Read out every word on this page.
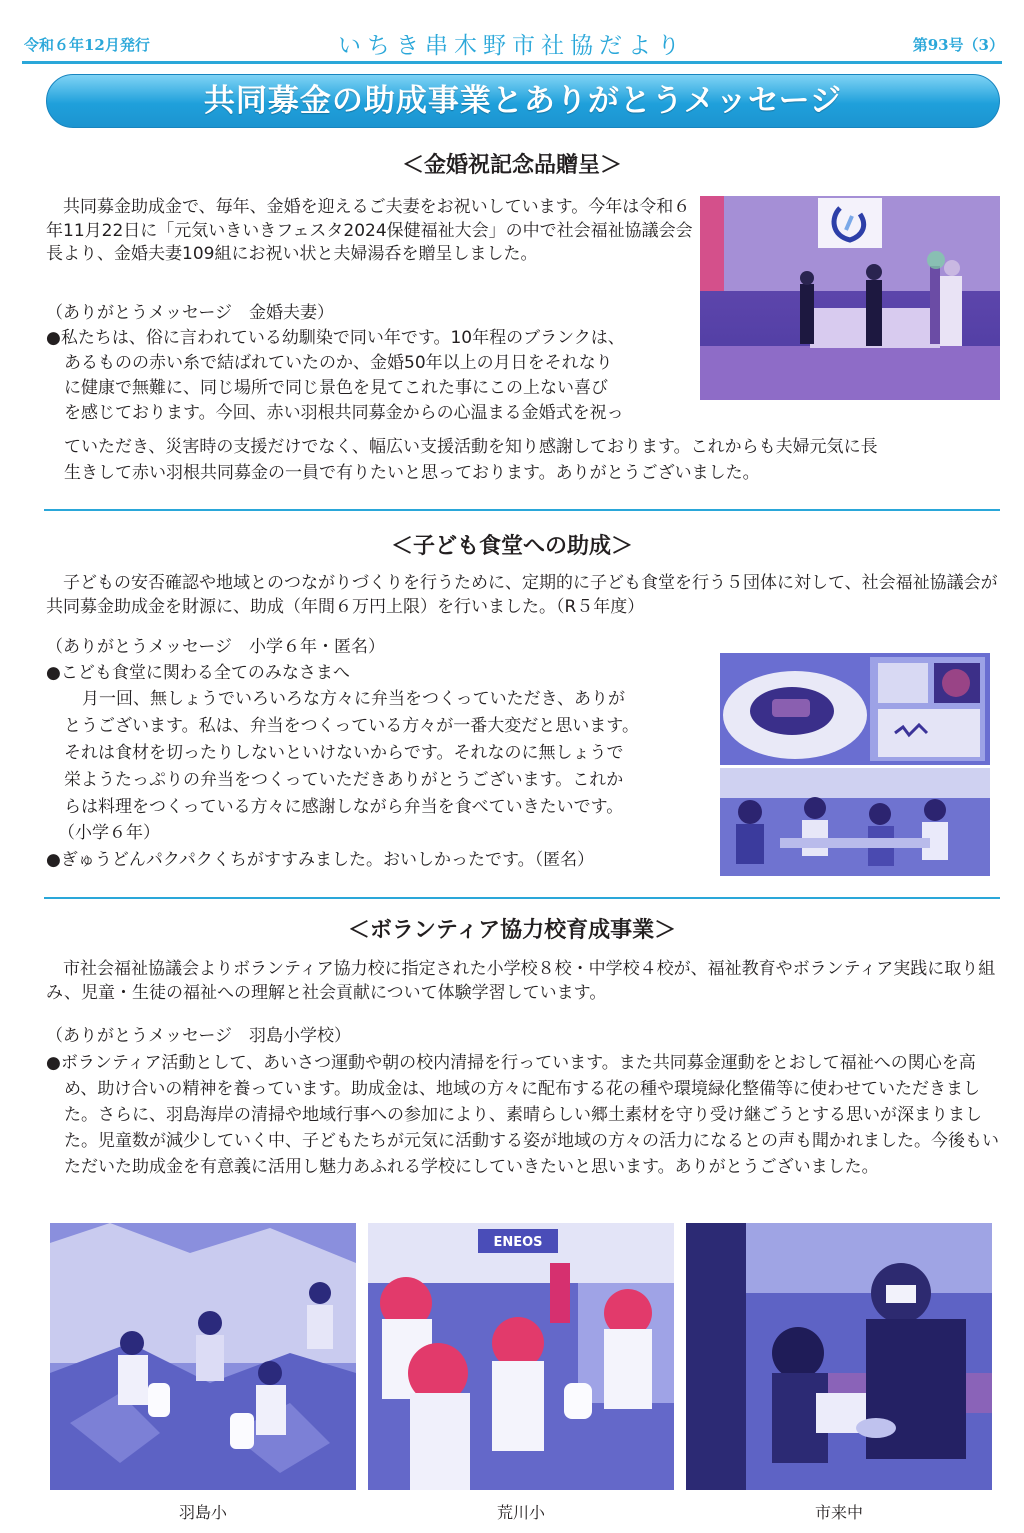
令和６年12月発行	いちき串木野市社協だより	第93号（3）
共同募金の助成事業とありがとうメッセージ
＜金婚祝記念品贈呈＞
共同募金助成金で、毎年、金婚を迎えるご夫妻をお祝いしています。今年は令和６年11月22日に「元気いきいきフェスタ2024保健福祉大会」の中で社会福祉協議会会長より、金婚夫妻109組にお祝い状と夫婦湯呑を贈呈しました。
（ありがとうメッセージ　金婚夫妻）
●私たちは、俗に言われている幼馴染で同い年です。10年程のブランクは、
あるものの赤い糸で結ばれていたのか、金婚50年以上の月日をそれなり
に健康で無難に、同じ場所で同じ景色を見てこれた事にこの上ない喜び
を感じております。今回、赤い羽根共同募金からの心温まる金婚式を祝っ
ていただき、災害時の支援だけでなく、幅広い支援活動を知り感謝しております。これからも夫婦元気に長
生きして赤い羽根共同募金の一員で有りたいと思っております。ありがとうございました。
＜子ども食堂への助成＞
子どもの安否確認や地域とのつながりづくりを行うために、定期的に子ども食堂を行う５団体に対して、社会福祉協議会が共同募金助成金を財源に、助成（年間６万円上限）を行いました。（R５年度）
（ありがとうメッセージ　小学６年・匿名）
●こども食堂に関わる全てのみなさまへ
月一回、無しょうでいろいろな方々に弁当をつくっていただき、ありが
とうございます。私は、弁当をつくっている方々が一番大変だと思います。
それは食材を切ったりしないといけないからです。それなのに無しょうで
栄ようたっぷりの弁当をつくっていただきありがとうございます。これか
らは料理をつくっている方々に感謝しながら弁当を食べていきたいです。
（小学６年）
●ぎゅうどんパクパクくちがすすみました。おいしかったです。（匿名）
＜ボランティア協力校育成事業＞
市社会福祉協議会よりボランティア協力校に指定された小学校８校・中学校４校が、福祉教育やボランティア実践に取り組み、児童・生徒の福祉への理解と社会貢献について体験学習しています。
（ありがとうメッセージ　羽島小学校）
●ボランティア活動として、あいさつ運動や朝の校内清掃を行っています。また共同募金運動をとおして福祉への関心を高め、助け合いの精神を養っています。助成金は、地域の方々に配布する花の種や環境緑化整備等に使わせていただきました。さらに、羽島海岸の清掃や地域行事への参加により、素晴らしい郷土素材を守り受け継ごうとする思いが深まりました。児童数が減少していく中、子どもたちが元気に活動する姿が地域の方々の活力になるとの声も聞かれました。今後もいただいた助成金を有意義に活用し魅力あふれる学校にしていきたいと思います。ありがとうございました。
ENEOS
羽島小	荒川小	市来中
